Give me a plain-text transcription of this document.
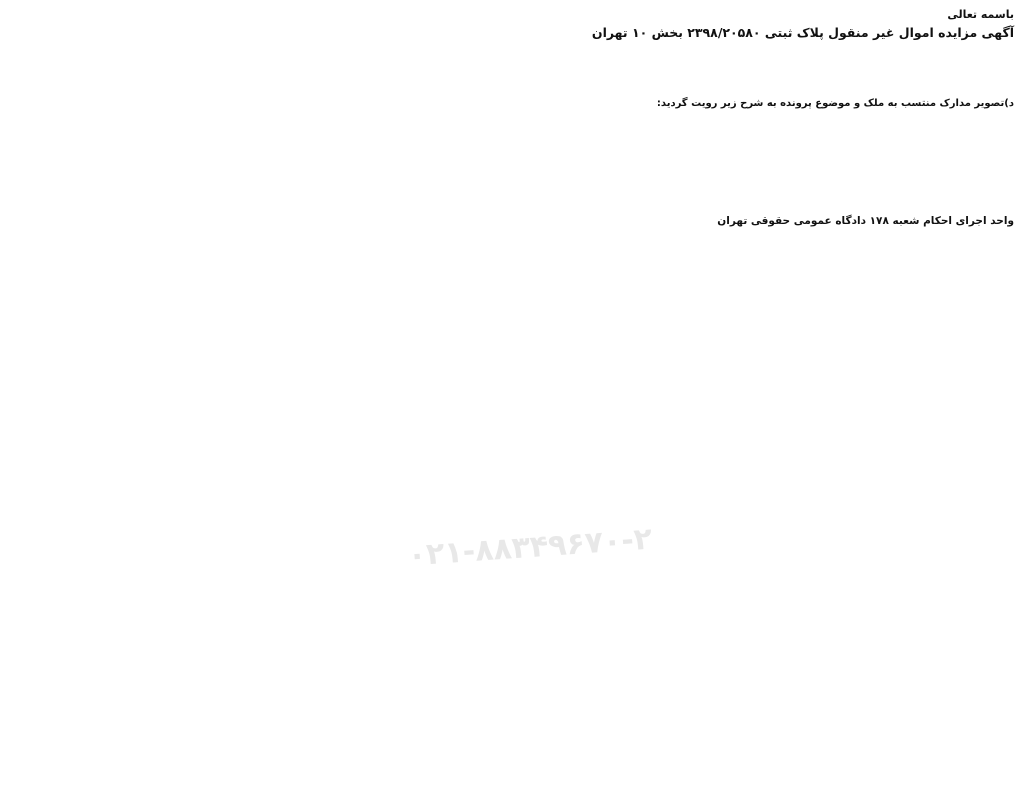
باسمه تعالی
آگهی مزایده اموال غیر منقول پلاک ثبتی ۲۳۹۸/۲۰۵۸۰ بخش ۱۰ تهران

د)تصویر مدارک منتسب به ملک و موضوع پرونده به شرح زیر رویت گردید:

واحد اجرای احکام شعبه ۱۷۸ دادگاه عمومی حقوقی تهران
۰۲۱-۸۸۳۴۹۶۷۰-۲
